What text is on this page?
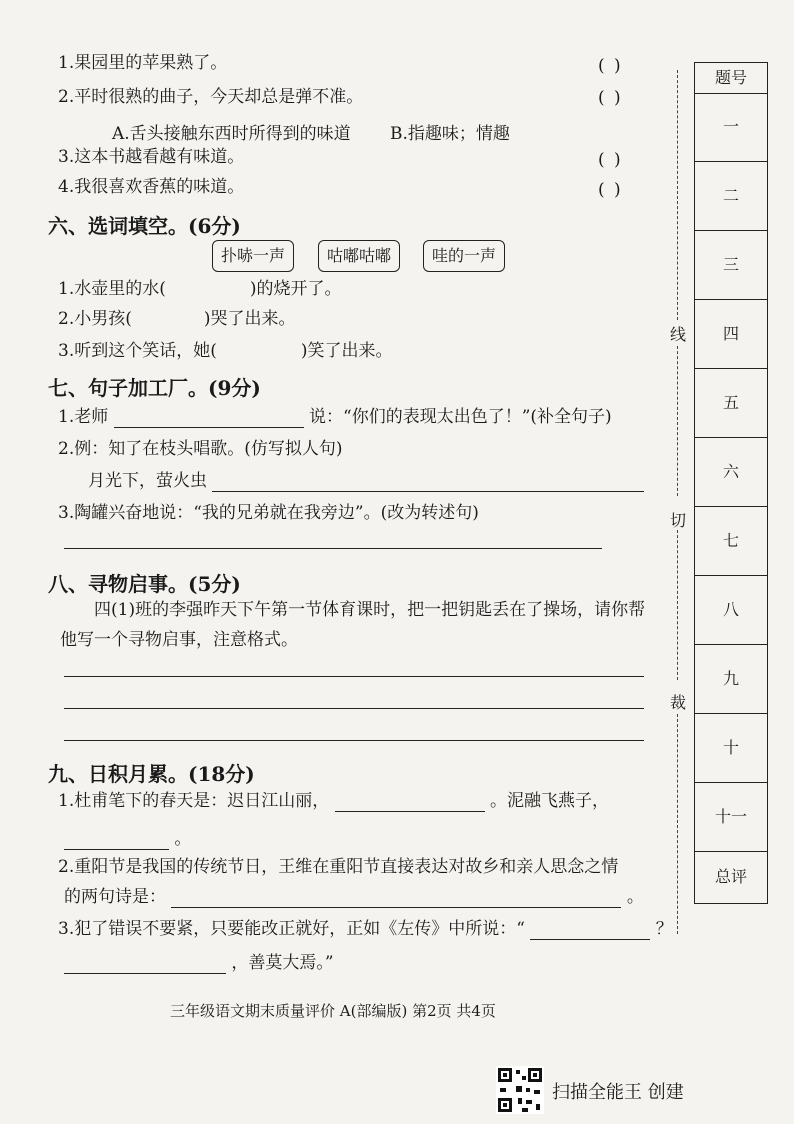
1.果园里的苹果熟了。	( )
2.平时很熟的曲子，今天却总是弹不准。	( )
A.舌头接触东西时所得到的味道 B.指趣味；情趣
3.这本书越看越有味道。	( )
4.我很喜欢香蕉的味道。	( )
六、选词填空。(6分)
扑哧一声	咕嘟咕嘟	哇的一声
1.水壶里的水(	)的烧开了。
2.小男孩(	)哭了出来。
3.听到这个笑话，她(	)笑了出来。
七、句子加工厂。(9分)
1.老师	说：“你们的表现太出色了！”(补全句子)
2.例：知了在枝头唱歌。(仿写拟人句)
月光下，萤火虫
3.陶罐兴奋地说：“我的兄弟就在我旁边”。(改为转述句)
八、寻物启事。(5分)
四(1)班的李强昨天下午第一节体育课时，把一把钥匙丢在了操场，请你帮他写一个寻物启事，注意格式。
九、日积月累。(18分)
1.杜甫笔下的春天是：迟日江山丽，	。泥融飞燕子，
。
2.重阳节是我国的传统节日，王维在重阳节直接表达对故乡和亲人思念之情
的两句诗是：	。
3.犯了错误不要紧，只要能改正就好，正如《左传》中所说：“	？
，善莫大焉。”
线
切
裁
题号
一
二
三
四
五
六
七
八
九
十
十一
总评
三年级语文期末质量评价 A(部编版) 第2页 共4页
扫描全能王 创建
